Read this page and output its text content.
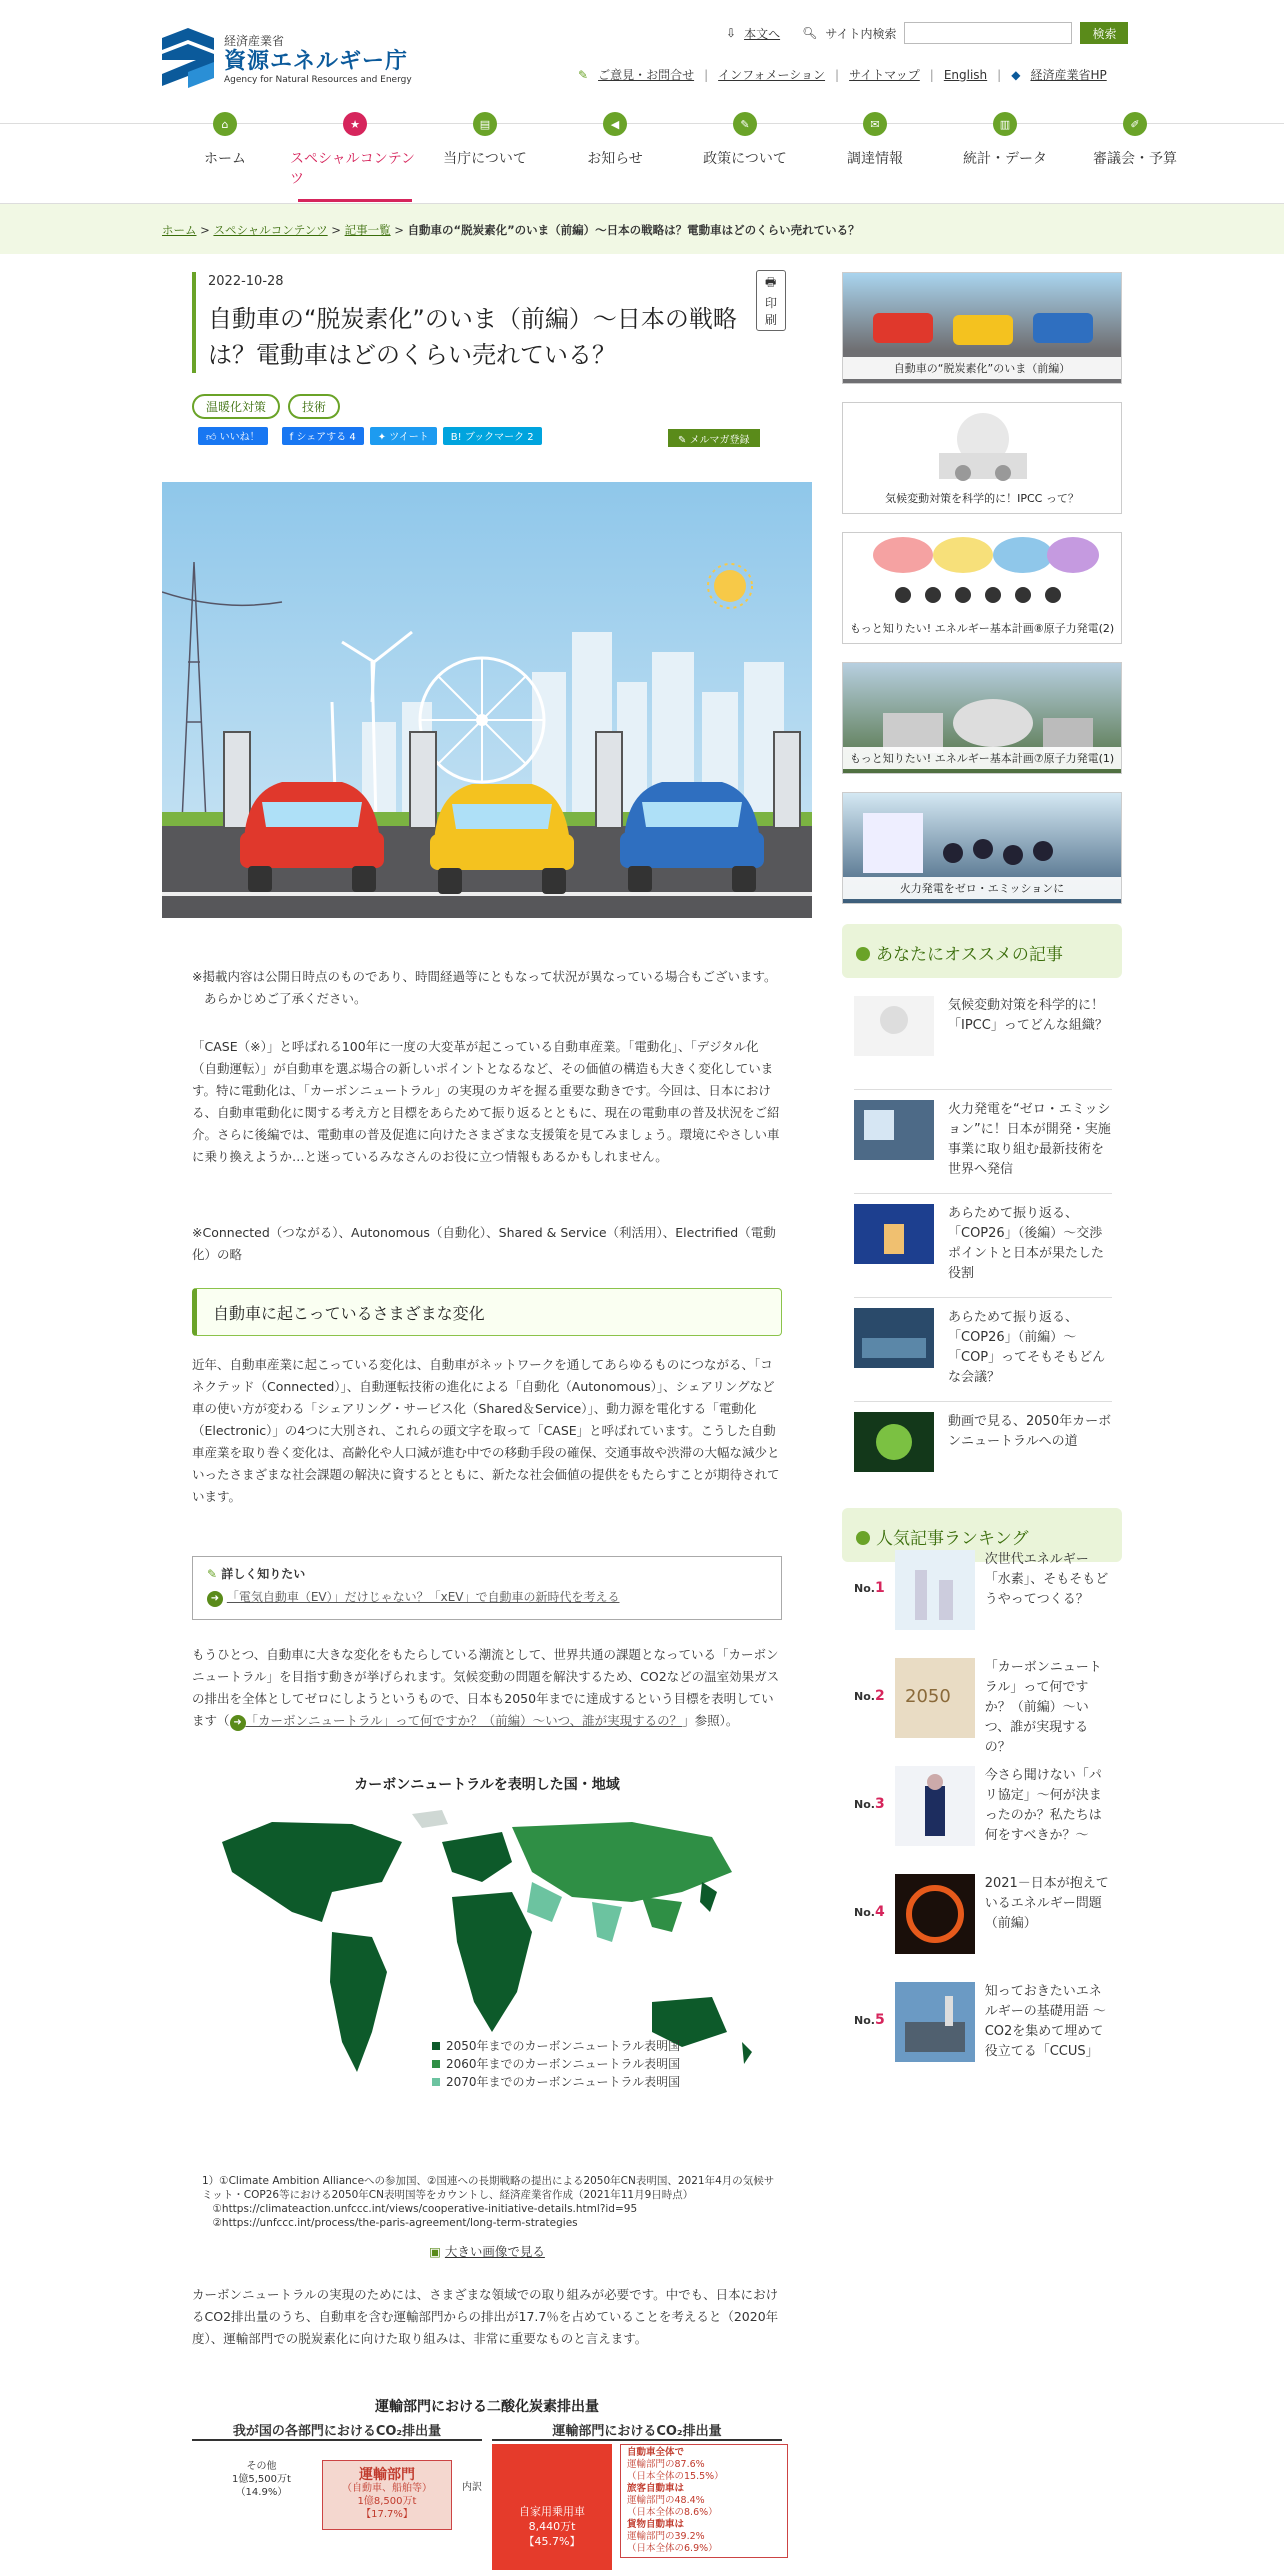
経済産業省
資源エネルギー庁
Agency for Natural Resources and Energy
⇩ 本文へ 🔍︎ サイト内検索	検索
✎ ご意見・お問合せ | インフォメーション | サイトマップ | English | ◆ 経済産業省HP
⌂
ホーム
★
スペシャルコンテンツ
▤
当庁について
◀
お知らせ
✎
政策について
✉
調達情報
▥
統計・データ
✐
審議会・予算
ホーム > スペシャルコンテンツ > 記事一覧 > 自動車の“脱炭素化”のいま（前編）～日本の戦略は？電動車はどのくらい売れている？
2022-10-28
自動車の“脱炭素化”のいま（前編）～日本の戦略は？電動車はどのくらい売れている？
🖶 印刷
温暖化対策	技術
👍︎ いいね！	f シェアする 4	✦ ツイート	B! ブックマーク 2	✎ メルマガ登録
※掲載内容は公開日時点のものであり、時間経過等にともなって状況が異なっている場合もございます。あらかじめご了承ください。
「CASE（※）」と呼ばれる100年に一度の大変革が起こっている自動車産業。「電動化」、「デジタル化（自動運転）」が自動車を選ぶ場合の新しいポイントとなるなど、その価値の構造も大きく変化しています。特に電動化は、「カーボンニュートラル」の実現のカギを握る重要な動きです。今回は、日本における、自動車電動化に関する考え方と目標をあらためて振り返るとともに、現在の電動車の普及状況をご紹介。さらに後編では、電動車の普及促進に向けたさまざまな支援策を見てみましょう。環境にやさしい車に乗り換えようか…と迷っているみなさんのお役に立つ情報もあるかもしれません。
※Connected（つながる）、Autonomous（自動化）、Shared & Service（利活用）、Electrified（電動化）の略
自動車に起こっているさまざまな変化
近年、自動車産業に起こっている変化は、自動車がネットワークを通してあらゆるものにつながる、「コネクテッド（Connected）」、自動運転技術の進化による「自動化（Autonomous）」、シェアリングなど車の使い方が変わる「シェアリング・サービス化（Shared＆Service）」、動力源を電化する「電動化（Electronic）」の4つに大別され、これらの頭文字を取って「CASE」と呼ばれています。こうした自動車産業を取り巻く変化は、高齢化や人口減が進む中での移動手段の確保、交通事故や渋滞の大幅な減少といったさまざまな社会課題の解決に資するとともに、新たな社会価値の提供をもたらすことが期待されています。
✎ 詳しく知りたい
➜ 「電気自動車（EV）」だけじゃない？「xEV」で自動車の新時代を考える
もうひとつ、自動車に大きな変化をもたらしている潮流として、世界共通の課題となっている「カーボンニュートラル」を目指す動きが挙げられます。気候変動の問題を解決するため、CO2などの温室効果ガスの排出を全体としてゼロにしようというもので、日本も2050年までに達成するという目標を表明しています（ ➜ 「カーボンニュートラル」って何ですか？（前編）～いつ、誰が実現するの？」参照）。
カーボンニュートラルを表明した国・地域
2050年までのカーボンニュートラル表明国
2060年までのカーボンニュートラル表明国
2070年までのカーボンニュートラル表明国
1）①Climate Ambition Allianceへの参加国、②国連への長期戦略の提出による2050年CN表明国、2021年4月の気候サミット・COP26等における2050年CN表明国等をカウントし、経済産業省作成（2021年11月9日時点）
　①https://climateaction.unfccc.int/views/cooperative-initiative-details.html?id=95
　②https://unfccc.int/process/the-paris-agreement/long-term-strategies
▣ 大きい画像で見る
カーボンニュートラルの実現のためには、さまざまな領域での取り組みが必要です。中でも、日本におけるCO2排出量のうち、自動車を含む運輸部門からの排出が17.7％を占めていることを考えると（2020年度）、運輸部門での脱炭素化に向けた取り組みは、非常に重要なものと言えます。
運輸部門における二酸化炭素排出量
我が国の各部門におけるCO₂排出量	運輸部門におけるCO₂排出量
その他
1億5,500万t
（14.9%）
運輸部門
（自動車、船舶等）
1億8,500万t
【17.7%】
内訳
自家用乗用車
8,440万t
【45.7%】
自動車全体で
運輸部門の87.6%
（日本全体の15.5%）
旅客自動車は
運輸部門の48.4%
（日本全体の8.6%）
貨物自動車は
運輸部門の39.2%
（日本全体の6.9%）
自動車の“脱炭素化”のいま（前編）
気候変動対策を科学的に！IPCC って？
もっと知りたい! エネルギー基本計画⑧原子力発電(2)
もっと知りたい! エネルギー基本計画⑦原子力発電(1)
火力発電をゼロ・エミッションに
あなたにオススメの記事
気候変動対策を科学的に！「IPCC」ってどんな組織？
火力発電を“ゼロ・エミッション”に！日本が開発・実施事業に取り組む最新技術を世界へ発信
あらためて振り返る、「COP26」（後編）～交渉ポイントと日本が果たした役割
あらためて振り返る、「COP26」（前編）～「COP」ってそもそもどんな会議？
動画で見る、2050年カーボンニュートラルへの道
人気記事ランキング
No.1
次世代エネルギー「水素」、そもそもどうやってつくる？
No.2 2050
「カーボンニュートラル」って何ですか？（前編）～いつ、誰が実現するの？
No.3
今さら聞けない「パリ協定」～何が決まったのか？私たちは何をすべきか？～
No.4
2021－日本が抱えているエネルギー問題（前編）
No.5
知っておきたいエネルギーの基礎用語 ～CO2を集めて埋めて役立てる「CCUS」
